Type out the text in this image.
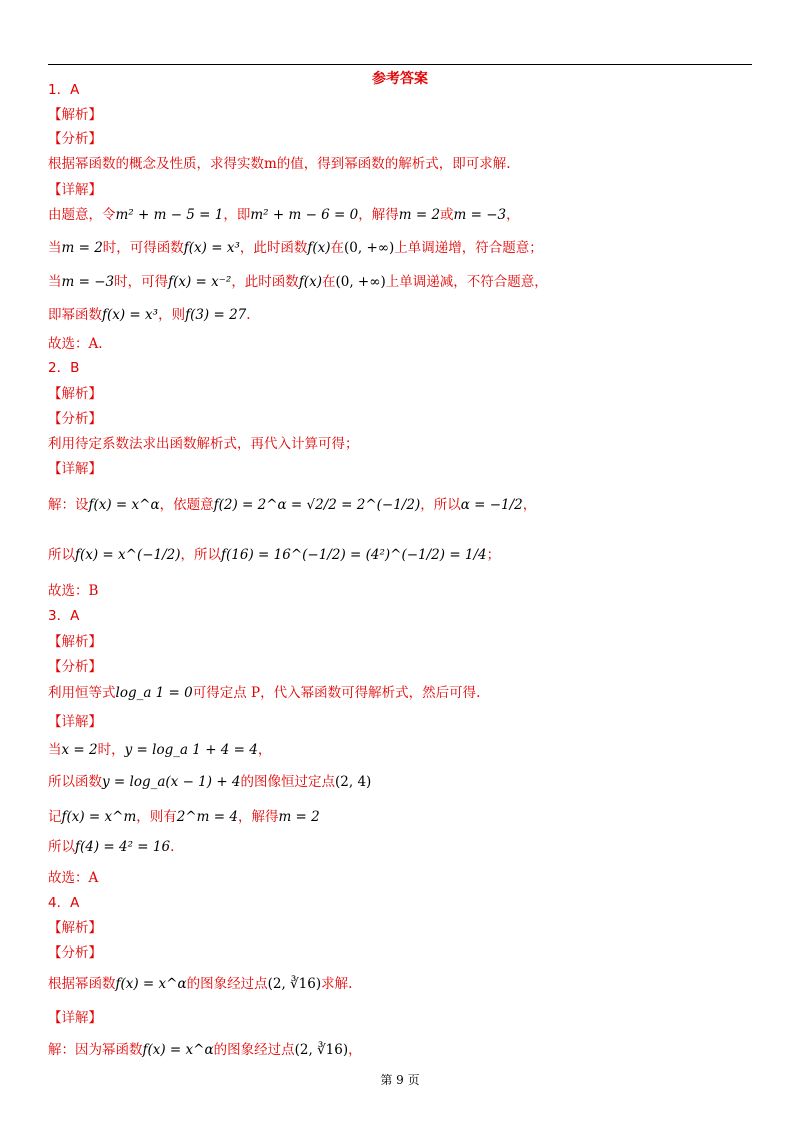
参考答案
1．A
【解析】
【分析】
根据幂函数的概念及性质，求得实数m的值，得到幂函数的解析式，即可求解.
【详解】
由题意，令m² + m − 5 = 1，即m² + m − 6 = 0，解得m = 2或m = −3，
当m = 2时，可得函数f(x) = x³，此时函数f(x)在(0, +∞)上单调递增，符合题意；
当m = −3时，可得f(x) = x⁻²，此时函数f(x)在(0, +∞)上单调递减，不符合题意，
即幂函数f(x) = x³，则f(3) = 27.
故选：A.
2．B
【解析】
【分析】
利用待定系数法求出函数解析式，再代入计算可得；
【详解】
解：设f(x) = x^α，依题意f(2) = 2^α = √2/2 = 2^(−1/2)，所以α = −1/2，
所以f(x) = x^(−1/2)，所以f(16) = 16^(−1/2) = (4²)^(−1/2) = 1/4；
故选：B
3．A
【解析】
【分析】
利用恒等式log_a 1 = 0可得定点 P，代入幂函数可得解析式，然后可得.
【详解】
当x = 2时，y = log_a 1 + 4 = 4，
所以函数y = log_a(x − 1) + 4的图像恒过定点(2, 4)
记f(x) = x^m，则有2^m = 4，解得m = 2
所以f(4) = 4² = 16.
故选：A
4．A
【解析】
【分析】
根据幂函数f(x) = x^α的图象经过点(2, ∛16)求解.
【详解】
解：因为幂函数f(x) = x^α的图象经过点(2, ∛16)，
第 9 页
